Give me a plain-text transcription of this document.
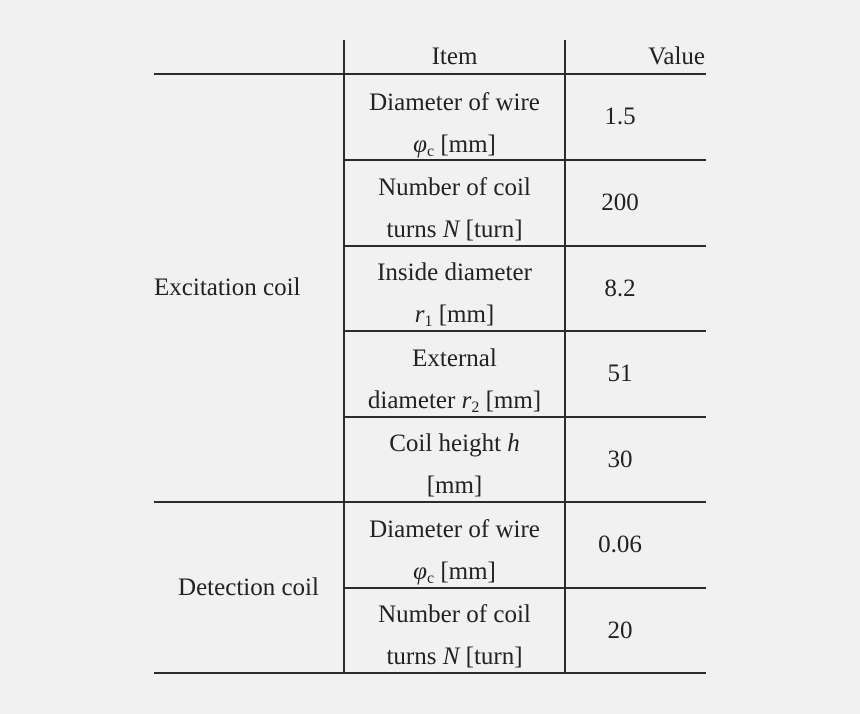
Item	Value
Excitation coil
Detection coil
Diameter of wire
$\varphi_c$ [mm]
1.5
Number of coil
turns N [turn]
200
Inside diameter
$r_1$ [mm]
8.2
External
diameter $r_2$ [mm]
51
Coil height h
[mm]
30
Diameter of wire
$\varphi_c$ [mm]
0.06
Number of coil
turns N [turn]
20
